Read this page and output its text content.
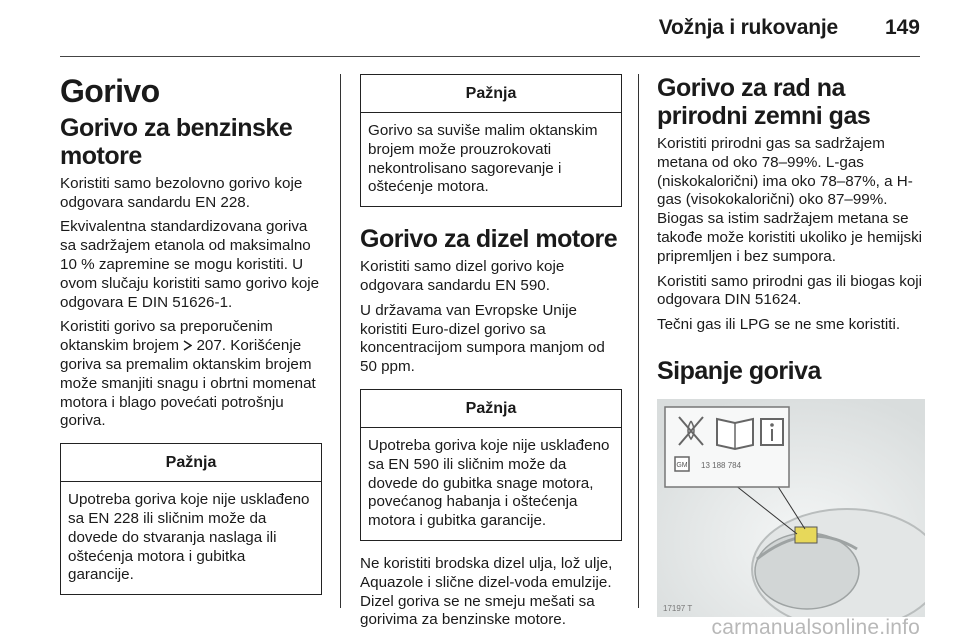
Vožnja i rukovanje 149
Gorivo
Gorivo za benzinske motore

Koristiti samo bezolovno gorivo koje odgovara sandardu EN 228.

Ekvivalentna standardizovana goriva sa sadržajem etanola od maksimalno 10 % zapremine se mogu koristiti. U ovom slučaju koristiti samo gorivo koje odgovara E DIN 51626-1.

Koristiti gorivo sa preporučenim oktanskim brojem  207. Korišćenje goriva sa premalim oktanskim brojem može smanjiti snagu i obrtni momenat motora i blago povećati potrošnju goriva.

Pažnja
Upotreba goriva koje nije usklađeno sa EN 228 ili sličnim može da dovede do stvaranja naslaga ili oštećenja motora i gubitka garancije.
Pažnja
Gorivo sa suviše malim oktanskim brojem može prouzrokovati nekontrolisano sagorevanje i oštećenje motora.
Gorivo za dizel motore

Koristiti samo dizel gorivo koje odgovara sandardu EN 590.

U državama van Evropske Unije koristiti Euro-dizel gorivo sa koncentracijom sumpora manjom od 50 ppm.

Pažnja
Upotreba goriva koje nije usklađeno sa EN 590 ili sličnim može da dovede do gubitka snage motora, povećanog habanja i oštećenja motora i gubitka garancije.

Ne koristiti brodska dizel ulja, lož ulje, Aquazole i slične dizel-voda emulzije. Dizel goriva se ne smeju mešati sa gorivima za benzinske motore.

Gorivo za rad na prirodni zemni gas

Koristiti prirodni gas sa sadržajem metana od oko 78–99%. L-gas (niskokalorični) ima oko 78–87%, a H-gas (visokokalorični) oko 87–99%. Biogas sa istim sadržajem metana se takođe može koristiti ukoliko je hemijski pripremljen i bez sumpora.

Koristiti samo prirodni gas ili biogas koji odgovara DIN 51624.

Tečni gas ili LPG se ne sme koristiti.

Sipanje goriva
GM 13 188 784
17197 T
carmanualsonline.info
